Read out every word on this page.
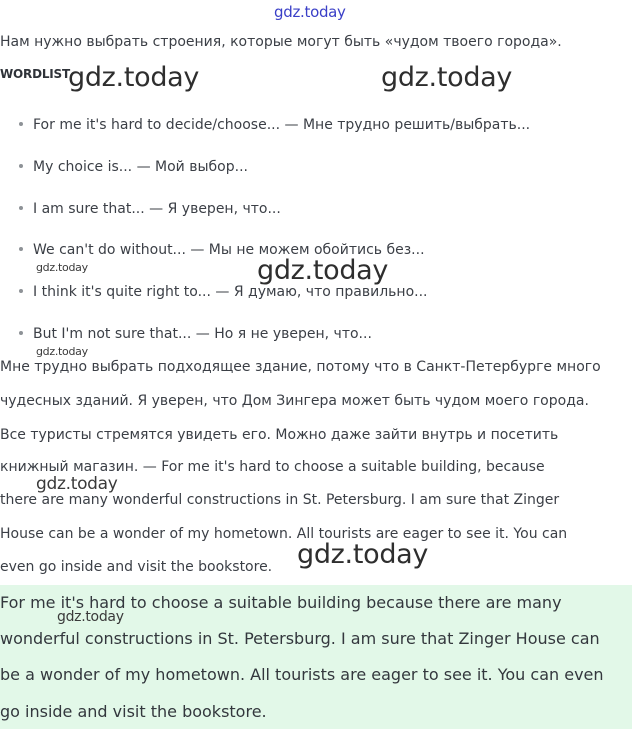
gdz.today
Нам нужно выбрать строения, которые могут быть «чудом твоего города».
WORDLIST
For me it's hard to decide/choose... — Мне трудно решить/выбрать...
My choice is... — Мой выбор...
I am sure that... — Я уверен, что...
We can't do without... — Мы не можем обойтись без...
I think it's quite right to... — Я думаю, что правильно...
But I'm not sure that... — Но я не уверен, что...
Мне трудно выбрать подходящее здание, потому что в Санкт-Петербурге много
чудесных зданий. Я уверен, что Дом Зингера может быть чудом моего города.
Все туристы стремятся увидеть его. Можно даже зайти внутрь и посетить
книжный магазин. — For me it's hard to choose a suitable building, because
there are many wonderful constructions in St. Petersburg. I am sure that Zinger
House can be a wonder of my hometown. All tourists are eager to see it. You can
even go inside and visit the bookstore.
For me it's hard to choose a suitable building because there are many
wonderful constructions in St. Petersburg. I am sure that Zinger House can
be a wonder of my hometown. All tourists are eager to see it. You can even
go inside and visit the bookstore.
gdz.today	gdz.today
gdz.today
gdz.today
gdz.today
gdz.today
gdz.today
gdz.today
